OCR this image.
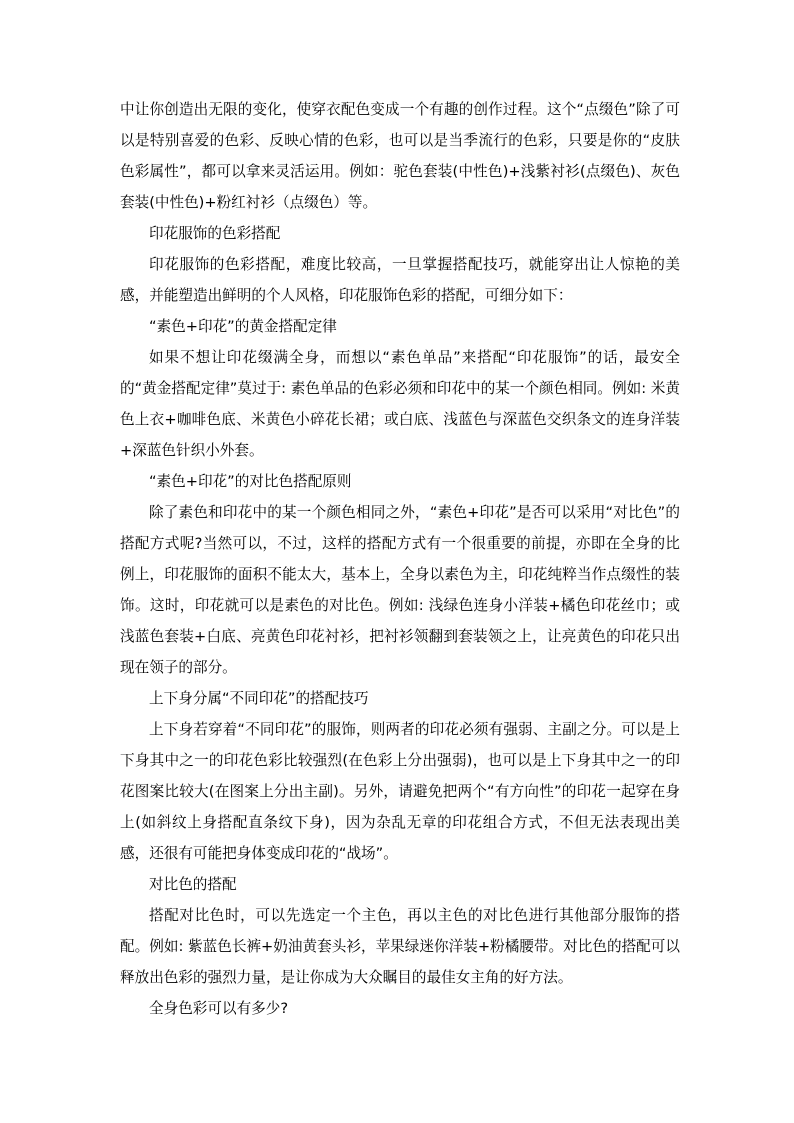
中让你创造出无限的变化，使穿衣配色变成一个有趣的创作过程。这个“点缀色”除了可以是特别喜爱的色彩、反映心情的色彩，也可以是当季流行的色彩，只要是你的“皮肤色彩属性”，都可以拿来灵活运用。例如：驼色套装(中性色)+浅紫衬衫(点缀色)、灰色套装(中性色)+粉红衬衫（点缀色）等。

印花服饰的色彩搭配

印花服饰的色彩搭配，难度比较高，一旦掌握搭配技巧，就能穿出让人惊艳的美感，并能塑造出鲜明的个人风格，印花服饰色彩的搭配，可细分如下：

“素色+印花”的黄金搭配定律

如果不想让印花缀满全身，而想以“素色单品”来搭配“印花服饰”的话，最安全的“黄金搭配定律”莫过于: 素色单品的色彩必须和印花中的某一个颜色相同。例如: 米黄色上衣+咖啡色底、米黄色小碎花长裙；或白底、浅蓝色与深蓝色交织条文的连身洋装+深蓝色针织小外套。

“素色+印花”的对比色搭配原则

除了素色和印花中的某一个颜色相同之外，“素色+印花”是否可以采用“对比色”的搭配方式呢?当然可以，不过，这样的搭配方式有一个很重要的前提，亦即在全身的比例上，印花服饰的面积不能太大，基本上，全身以素色为主，印花纯粹当作点缀性的装饰。这时，印花就可以是素色的对比色。例如: 浅绿色连身小洋装+橘色印花丝巾；或浅蓝色套装+白底、亮黄色印花衬衫，把衬衫领翻到套装领之上，让亮黄色的印花只出现在领子的部分。

上下身分属“不同印花”的搭配技巧

上下身若穿着“不同印花”的服饰，则两者的印花必须有强弱、主副之分。可以是上下身其中之一的印花色彩比较强烈(在色彩上分出强弱)，也可以是上下身其中之一的印花图案比较大(在图案上分出主副)。另外，请避免把两个“有方向性”的印花一起穿在身上(如斜纹上身搭配直条纹下身)，因为杂乱无章的印花组合方式，不但无法表现出美感，还很有可能把身体变成印花的“战场”。

对比色的搭配

搭配对比色时，可以先选定一个主色，再以主色的对比色进行其他部分服饰的搭配。例如: 紫蓝色长裤+奶油黄套头衫，苹果绿迷你洋装+粉橘腰带。对比色的搭配可以释放出色彩的强烈力量，是让你成为大众瞩目的最佳女主角的好方法。

全身色彩可以有多少?
